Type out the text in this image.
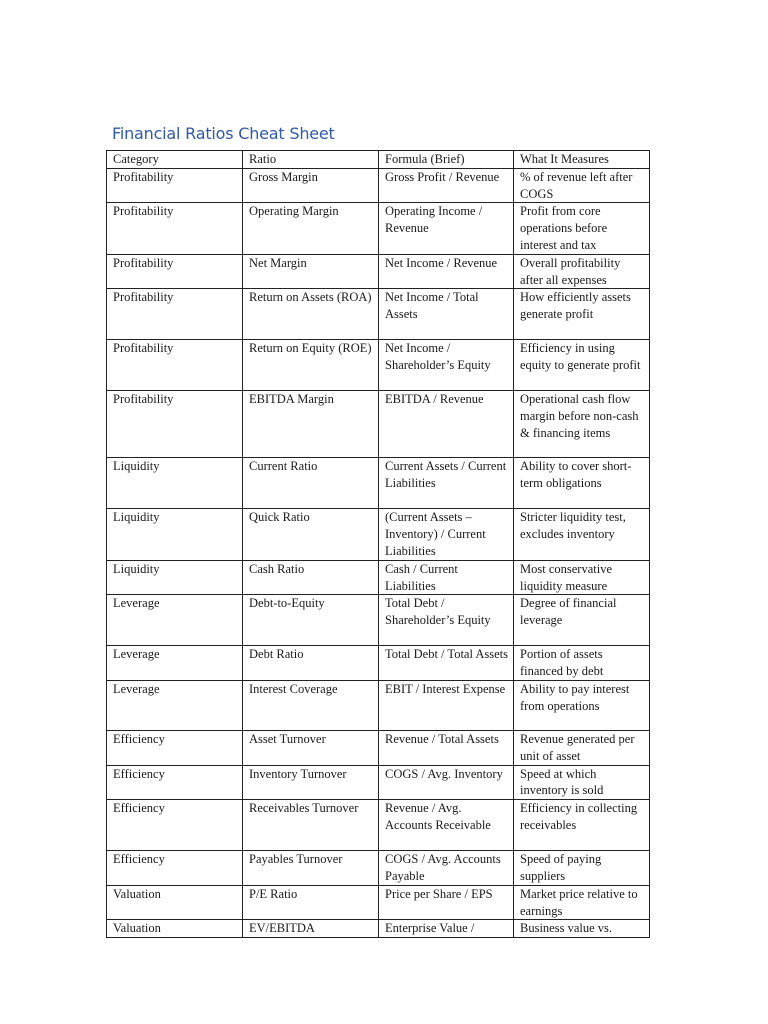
Financial Ratios Cheat Sheet
Category	Ratio	Formula (Brief)	What It Measures
Profitability	Gross Margin	Gross Profit / Revenue	% of revenue left after COGS
Profitability	Operating Margin	Operating Income / Revenue	Profit from core operations before interest and tax
Profitability	Net Margin	Net Income / Revenue	Overall profitability after all expenses
Profitability	Return on Assets (ROA)	Net Income / Total Assets	How efficiently assets generate profit
Profitability	Return on Equity (ROE)	Net Income / Shareholder’s Equity	Efficiency in using equity to generate profit
Profitability	EBITDA Margin	EBITDA / Revenue	Operational cash flow margin before non-cash & financing items
Liquidity	Current Ratio	Current Assets / Current Liabilities	Ability to cover short-term obligations
Liquidity	Quick Ratio	(Current Assets – Inventory) / Current Liabilities	Stricter liquidity test, excludes inventory
Liquidity	Cash Ratio	Cash / Current Liabilities	Most conservative liquidity measure
Leverage	Debt-to-Equity	Total Debt / Shareholder’s Equity	Degree of financial leverage
Leverage	Debt Ratio	Total Debt / Total Assets	Portion of assets financed by debt
Leverage	Interest Coverage	EBIT / Interest Expense	Ability to pay interest from operations
Efficiency	Asset Turnover	Revenue / Total Assets	Revenue generated per unit of asset
Efficiency	Inventory Turnover	COGS / Avg. Inventory	Speed at which inventory is sold
Efficiency	Receivables Turnover	Revenue / Avg. Accounts Receivable	Efficiency in collecting receivables
Efficiency	Payables Turnover	COGS / Avg. Accounts Payable	Speed of paying suppliers
Valuation	P/E Ratio	Price per Share / EPS	Market price relative to earnings
Valuation	EV/EBITDA	Enterprise Value /	Business value vs.
